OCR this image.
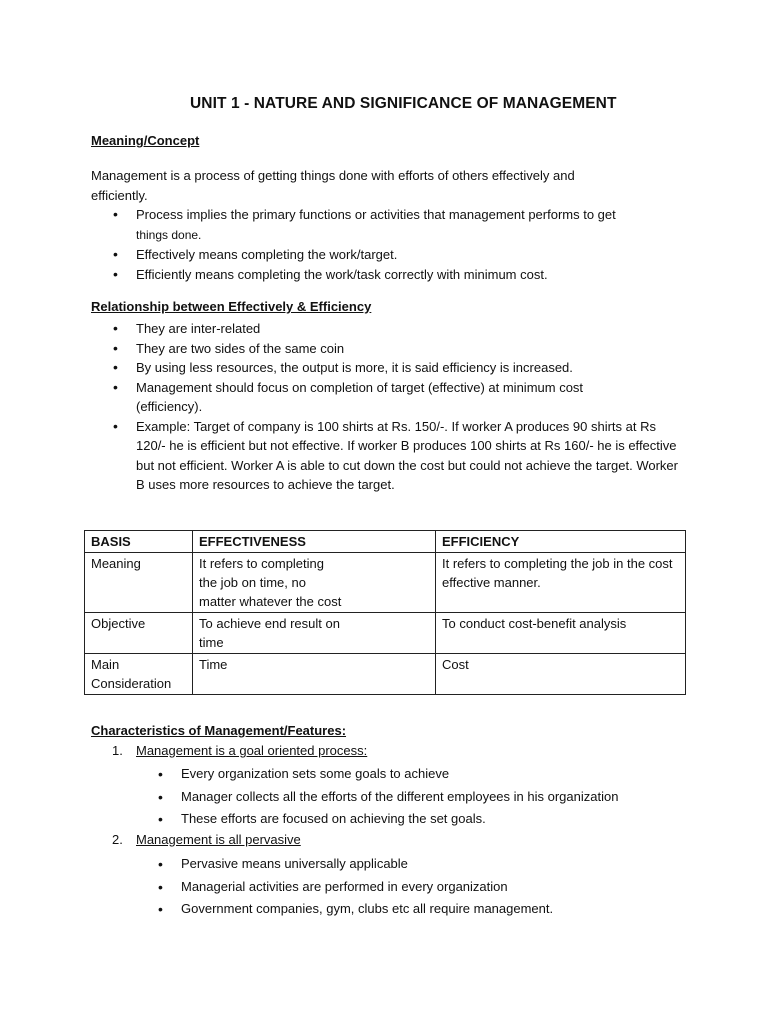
UNIT 1 - NATURE AND SIGNIFICANCE OF MANAGEMENT
Meaning/Concept
Management is a process of getting things done with efforts of others effectively and efficiently.
• Process implies the primary functions or activities that management performs to get
things done.
• Effectively means completing the work/target.
• Efficiently means completing the work/task correctly with minimum cost.
Relationship between Effectively & Efficiency
• They are inter-related
• They are two sides of the same coin
• By using less resources, the output is more, it is said efficiency is increased.
• Management should focus on completion of target (effective) at minimum cost (efficiency).
• Example: Target of company is 100 shirts at Rs. 150/-. If worker A produces 90 shirts at Rs 120/- he is efficient but not effective. If worker B produces 100 shirts at Rs 160/- he is effective but not efficient. Worker A is able to cut down the cost but could not achieve the target. Worker B uses more resources to achieve the target.
BASIS	EFFECTIVENESS	EFFICIENCY
Meaning	It refers to completing the job on time, no matter whatever the cost	It refers to completing the job in the cost effective manner.
Objective	To achieve end result on time	To conduct cost-benefit analysis
Main Consideration	Time	Cost
Characteristics of Management/Features:
1. Management is a goal oriented process:
• Every organization sets some goals to achieve
• Manager collects all the efforts of the different employees in his organization
• These efforts are focused on achieving the set goals.
2. Management is all pervasive
• Pervasive means universally applicable
• Managerial activities are performed in every organization
• Government companies, gym, clubs etc all require management.
